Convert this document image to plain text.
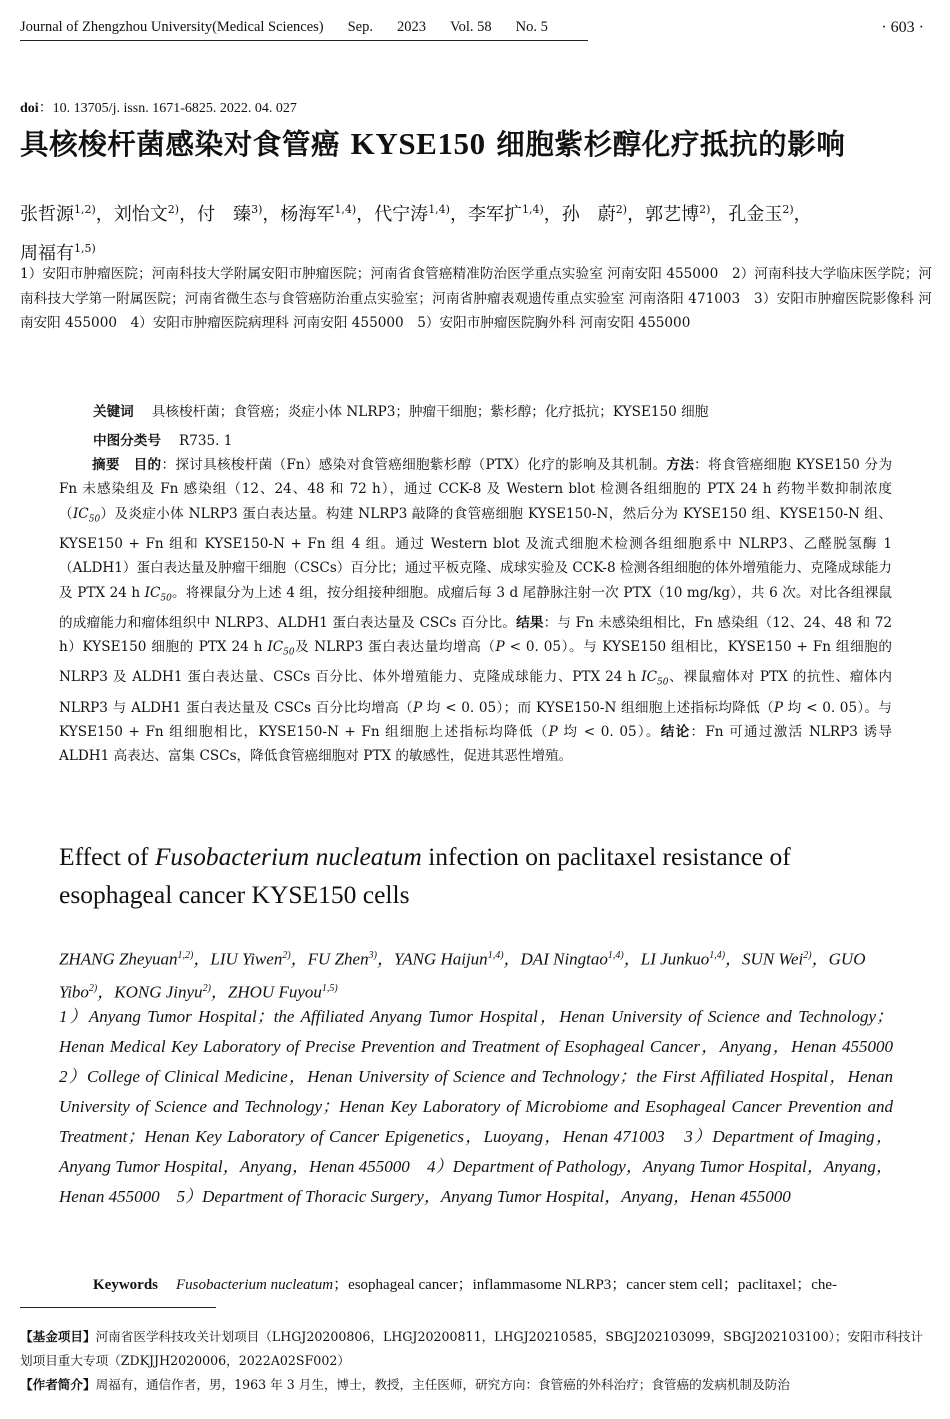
Journal of Zhengzhou University(Medical Sciences) Sep. 2023 Vol. 58 No. 5	· 603 ·
doi：10. 13705/j. issn. 1671-6825. 2022. 04. 027
具核梭杆菌感染对食管癌 KYSE150 细胞紫杉醇化疗抵抗的影响
张哲源$^{1,2)}$，刘怡文$^{2)}$，付　臻$^{3)}$，杨海军$^{1,4)}$，代宁涛$^{1,4)}$，李军扩$^{1,4)}$，孙　蔚$^{2)}$，郭艺博$^{2)}$，孔金玉$^{2)}$，
周福有$^{1,5)}$
1）安阳市肿瘤医院；河南科技大学附属安阳市肿瘤医院；河南省食管癌精准防治医学重点实验室 河南安阳 455000　2）河南科技大学临床医学院；河南科技大学第一附属医院；河南省微生态与食管癌防治重点实验室；河南省肿瘤表观遗传重点实验室 河南洛阳 471003　3）安阳市肿瘤医院影像科 河南安阳 455000　4）安阳市肿瘤医院病理科 河南安阳 455000　5）安阳市肿瘤医院胸外科 河南安阳 455000
关键词 具核梭杆菌；食管癌；炎症小体 NLRP3；肿瘤干细胞；紫杉醇；化疗抵抗；KYSE150 细胞
中图分类号 R735. 1
摘要　 目的：探讨具核梭杆菌（Fn）感染对食管癌细胞紫杉醇（PTX）化疗的影响及其机制。方法：将食管癌细胞 KYSE150 分为 Fn 未感染组及 Fn 感染组（12、24、48 和 72 h），通过 CCK-8 及 Western blot 检测各组细胞的 PTX 24 h 药物半数抑制浓度$(IC_{50})$及炎症小体 NLRP3 蛋白表达量。构建 NLRP3 敲降的食管癌细胞 KYSE150-N，然后分为 KYSE150 组、KYSE150-N 组、KYSE150 + Fn 组和 KYSE150-N + Fn 组 4 组。通过 Western blot 及流式细胞术检测各组细胞系中 NLRP3、乙醛脱氢酶 1（ALDH1）蛋白表达量及肿瘤干细胞（CSCs）百分比；通过平板克隆、成球实验及 CCK-8 检测各组细胞的体外增殖能力、克隆成球能力及 PTX 24 h $IC_{50}$。将裸鼠分为上述 4 组，按分组接种细胞。成瘤后每 3 d 尾静脉注射一次 PTX（10 mg/kg），共 6 次。对比各组裸鼠的成瘤能力和瘤体组织中 NLRP3、ALDH1 蛋白表达量及 CSCs 百分比。结果：与 Fn 未感染组相比，Fn 感染组（12、24、48 和 72 h）KYSE150 细胞的 PTX 24 h $IC_{50}$及 NLRP3 蛋白表达量均增高（P < 0. 05）。与 KYSE150 组相比，KYSE150 + Fn 组细胞的 NLRP3 及 ALDH1 蛋白表达量、CSCs 百分比、体外增殖能力、克隆成球能力、PTX 24 h $IC_{50}$、裸鼠瘤体对 PTX 的抗性、瘤体内 NLRP3 与 ALDH1 蛋白表达量及 CSCs 百分比均增高（P 均 < 0. 05）；而 KYSE150-N 组细胞上述指标均降低（P 均 < 0. 05）。与 KYSE150 + Fn 组细胞相比，KYSE150-N + Fn 组细胞上述指标均降低（P 均 < 0. 05）。结论：Fn 可通过激活 NLRP3 诱导 ALDH1 高表达、富集 CSCs，降低食管癌细胞对 PTX 的敏感性，促进其恶性增殖。
Effect of Fusobacterium nucleatum infection on paclitaxel resistance of esophageal cancer KYSE150 cells
ZHANG Zheyuan$^{1,2)}$，LIU Yiwen$^{2)}$，FU Zhen$^{3)}$，YANG Haijun$^{1,4)}$，DAI Ningtao$^{1,4)}$，LI Junkuo$^{1,4)}$，SUN Wei$^{2)}$，GUO Yibo$^{2)}$，KONG Jinyu$^{2)}$，ZHOU Fuyou$^{1,5)}$
1）Anyang Tumor Hospital；the Affiliated Anyang Tumor Hospital，Henan University of Science and Technology；Henan Medical Key Laboratory of Precise Prevention and Treatment of Esophageal Cancer，Anyang，Henan 455000　2）College of Clinical Medicine，Henan University of Science and Technology；the First Affiliated Hospital，Henan University of Science and Technology；Henan Key Laboratory of Microbiome and Esophageal Cancer Prevention and Treatment；Henan Key Laboratory of Cancer Epigenetics，Luoyang，Henan 471003　3）Department of Imaging，Anyang Tumor Hospital，Anyang，Henan 455000　4）Department of Pathology，Anyang Tumor Hospital，Anyang，Henan 455000　5）Department of Thoracic Surgery，Anyang Tumor Hospital，Anyang，Henan 455000
Keywords Fusobacterium nucleatum；esophageal cancer；inflammasome NLRP3；cancer stem cell；paclitaxel；che-
【基金项目】河南省医学科技攻关计划项目（LHGJ20200806，LHGJ20200811，LHGJ20210585，SBGJ202103099，SBGJ202103100）；安阳市科技计划项目重大专项（ZDKJJH2020006，2022A02SF002）
【作者简介】周福有，通信作者，男，1963 年 3 月生，博士，教授，主任医师，研究方向：食管癌的外科治疗；食管癌的发病机制及防治
